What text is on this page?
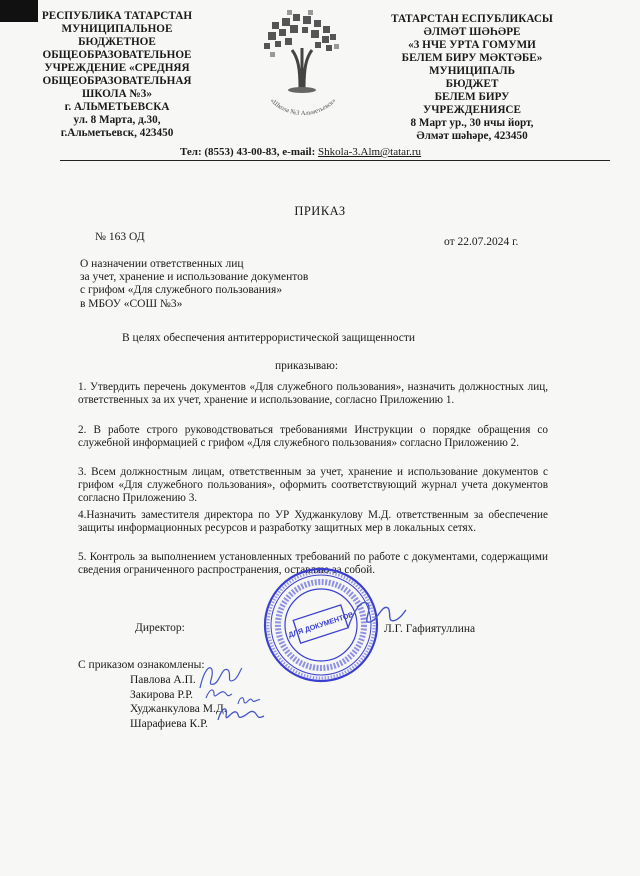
РЕСПУБЛИКА ТАТАРСТАН
МУНИЦИПАЛЬНОЕ
БЮДЖЕТНОЕ
ОБЩЕОБРАЗОВАТЕЛЬНОЕ
УЧРЕЖДЕНИЕ «СРЕДНЯЯ
ОБЩЕОБРАЗОВАТЕЛЬНАЯ
ШКОЛА №3»
г. АЛЬМЕТЬЕВСКА
ул. 8 Марта, д.30,
г.Альметьевск, 423450
«Школа №3 Альметьевск»
ТАТАРСТАН ЕСПУБЛИКАСЫ
ӘЛМӘТ ШӘҺӘРЕ
«3 НЧЕ УРТА ГОМУМИ
БЕЛЕМ БИРУ МӘКТӘБЕ»
МУНИЦИПАЛЬ
БЮДЖЕТ
БЕЛЕМ БИРУ
УЧРЕЖДЕНИЯСЕ
8 Март ур., 30 нчы йорт,
Әлмәт шәһәре, 423450
Тел: (8553) 43-00-83, e-mail: Shkola-3.Alm@tatar.ru
ПРИКАЗ
№ 163 ОД	от 22.07.2024 г.
О назначении ответственных лиц
за учет, хранение и использование документов
с грифом «Для служебного пользования»
в МБОУ «СОШ №3»
В целях обеспечения антитеррористической защищенности
приказываю:
1. Утвердить перечень документов «Для служебного пользования», назначить должностных лиц, ответственных за их учет, хранение и использование, согласно Приложению 1.
2. В работе строго руководствоваться требованиями Инструкции о порядке обращения со служебной информацией с грифом «Для служебного пользования» согласно Приложению 2.
3. Всем должностным лицам, ответственным за учет, хранение и использование документов с грифом «Для служебного пользования», оформить соответствующий журнал учета документов согласно Приложению 3.
4.Назначить заместителя директора по УР Худжанкулову М.Д. ответственным за обеспечение защиты информационных ресурсов и разработку защитных мер в локальных сетях.
5. Контроль за выполнением установленных требований по работе с документами, содержащими сведения ограниченного распространения, оставляю за собой.
Директор:	Л.Г. Гафиятуллина
ДЛЯ ДОКУМЕНТОВ
С приказом ознакомлены:
Павлова А.П.
Закирова Р.Р.
Худжанкулова М.Д.
Шарафиева К.Р.
